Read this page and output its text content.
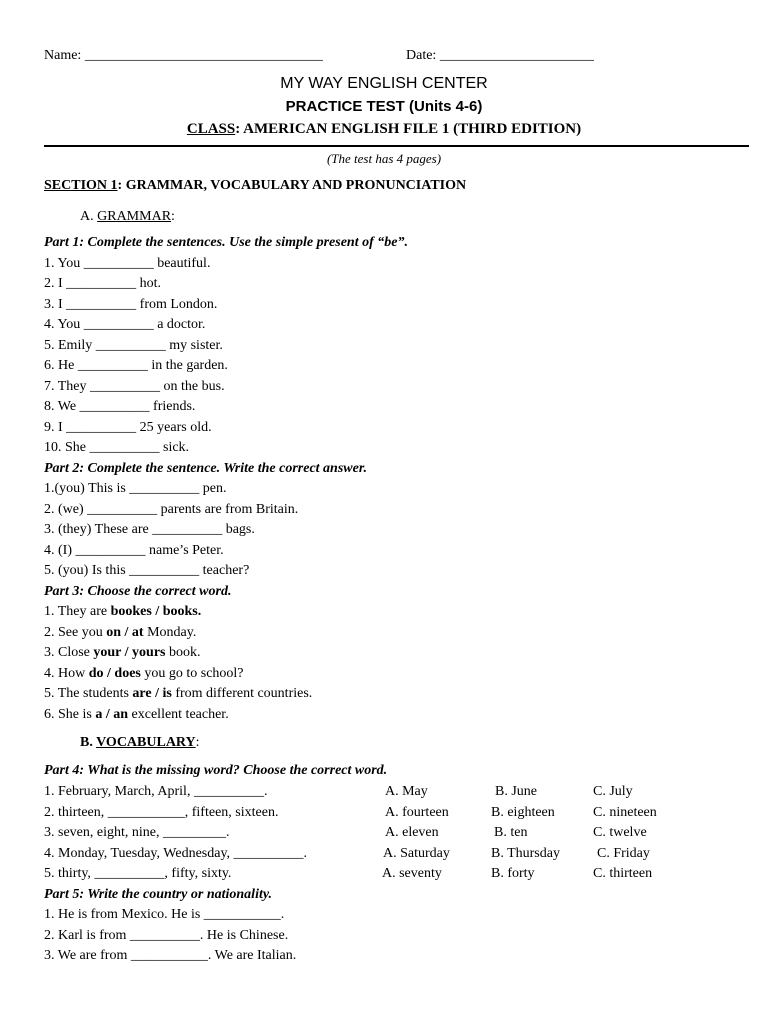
Name: __________________________________	Date: ______________________
MY WAY ENGLISH CENTER
PRACTICE TEST (Units 4-6)
CLASS: AMERICAN ENGLISH FILE 1 (THIRD EDITION)
(The test has 4 pages)
SECTION 1: GRAMMAR, VOCABULARY AND PRONUNCIATION
A. GRAMMAR:
Part 1: Complete the sentences. Use the simple present of “be”.
1. You __________ beautiful.
2. I __________ hot.
3. I __________ from London.
4. You __________ a doctor.
5. Emily __________ my sister.
6. He __________ in the garden.
7. They __________ on the bus.
8. We __________ friends.
9. I __________ 25 years old.
10. She __________ sick.
Part 2: Complete the sentence. Write the correct answer.
1.(you) This is __________ pen.
2. (we) __________ parents are from Britain.
3. (they) These are __________ bags.
4. (I) __________ name’s Peter.
5. (you) Is this __________ teacher?
Part 3: Choose the correct word.
1. They are bookes / books.
2. See you on / at Monday.
3. Close your / yours book.
4. How do / does you go to school?
5. The students are / is from different countries.
6. She is a / an excellent teacher.
B. VOCABULARY:
Part 4: What is the missing word? Choose the correct word.
1. February, March, April, __________.	A. May	B. June	C. July
2. thirteen, ___________, fifteen, sixteen.	A. fourteen	B. eighteen	C. nineteen
3. seven, eight, nine, _________.	A. eleven	B. ten	C. twelve
4. Monday, Tuesday, Wednesday, __________.	A. Saturday	B. Thursday	C. Friday
5. thirty, __________, fifty, sixty.	A. seventy	B. forty	C. thirteen
Part 5: Write the country or nationality.
1. He is from Mexico. He is ___________.
2. Karl is from __________. He is Chinese.
3. We are from ___________. We are Italian.
